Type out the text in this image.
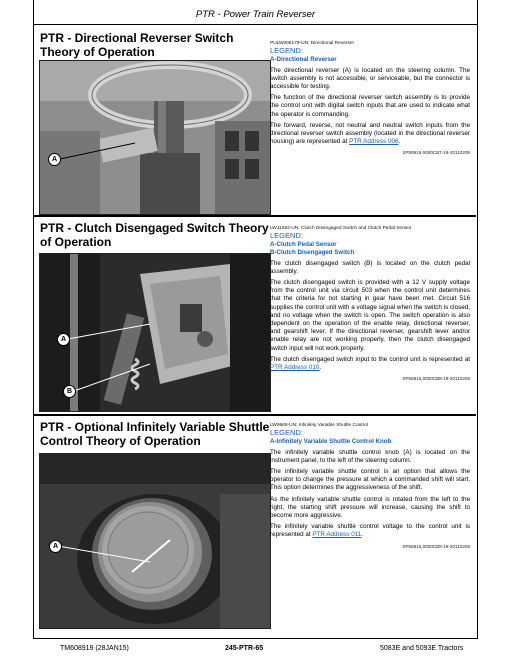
PTR - Power Train Reverser
PTR - Directional Reverser Switch Theory of Operation
A
PULW006179-UN: Directional Reverser
LEGEND:
A-Directional Reverser

The directional reverser (A) is located on the steering column. The switch assembly is not accessible, or serviceable, but the connector is accessible for testing.

The function of the directional reverser switch assembly is to provide the control unit with digital switch inputs that are used to indicate what the operator is commanding.

The forward, reverse, not neutral and neutral switch inputs from the directional reverser switch assembly (located in the directional reverser housing) are represented at PTR Address 006.

SP55916,0000CB7-19-20110208
PTR - Clutch Disengaged Switch Theory of Operation
A
B
LW11682-UN: Clutch Disengaged Switch and Clutch Pedal Sensor
LEGEND:
A-Clutch Pedal Sensor
B-Clutch Disengaged Switch

The clutch disengaged switch (B) is located on the clutch pedal assembly.

The clutch disengaged switch is provided with a 12 V supply voltage from the control unit via circuit 503 when the control unit determines that the criteria for not starting in gear have been met. Circuit 516 supplies the control unit with a voltage signal when the switch is closed, and no voltage when the switch is open. The switch operation is also dependent on the operation of the enable relay, directional reverser, and gearshift lever. If the directional reverser, gearshift lever and/or enable relay are not working properly, then the clutch disengaged switch input will not work properly.

The clutch disengaged switch input to the control unit is represented at PTR Address 010.

SP55916,0000CB8-19-20110208
PTR - Optional Infinitely Variable Shuttle Control Theory of Operation
A
LW9565-UN: Infinitely Variable Shuttle Control
LEGEND:
A-Infinitely Variable Shuttle Control Knob

The infinitely variable shuttle control knob (A) is located on the instrument panel, to the left of the steering column.

The infinitely variable shuttle control is an option that allows the operator to change the pressure at which a commanded shift will start. This option determines the aggressiveness of the shift.

As the infinitely variable shuttle control is rotated from the left to the right, the starting shift pressure will increase, causing the shift to become more aggressive.

The infinitely variable shuttle control voltage to the control unit is represented at PTR Address 011.

SP55916,0000CB9-19-20110208
TM608919 (28JAN15)	245-PTR-65	5083E and 5093E Tractors
